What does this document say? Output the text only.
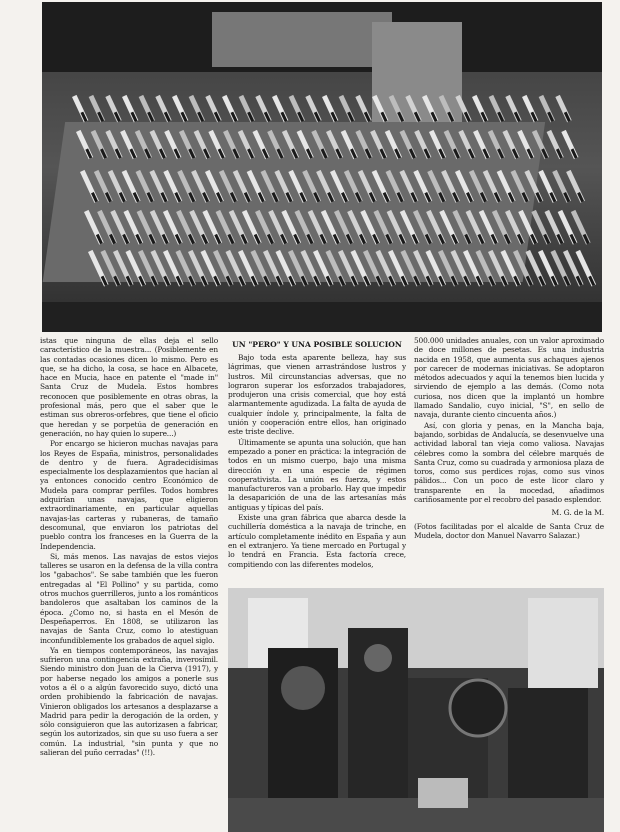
istas que ninguna de ellas deja el sello característico de la muestra... (Posiblemente en las contadas ocasiones dicen lo mismo. Pero es que, se ha dicho, la cosa, se hace en Albacete, hace en Mucia, hace en patente el "made in" Santa Cruz de Mudela. Estos hombres reconocen que posiblemente en otras obras, la profesional más, pero que el saber que le estiman sus obreros-orfebres, que tiene el oficio que heredan y se porpetúa de generación en generación, no hay quien lo supere...)

Por encargo se hicieron muchas navajas para los Reyes de España, ministros, personalidades de dentro y de fuera. Agradecidísimas especialmente los desplazamientos que hacían al ya entonces conocido centro Económico de Mudela para comprar perfiles. Todos hombres adquirían unas navajas, que eligieron extraordinariamente, en particular aquellas navajas-las carteras y rubaneras, de tamaño descomunal, que enviaron los patriotas del pueblo contra los franceses en la Guerra de la Independencia.

Si, más menos. Las navajas de estos viejos talleres se usaron en la defensa de la villa contra los "gabachos". Se sabe también que les fueron entregadas al "El Pollino" y su partida, como otros muchos guerrilleros, junto a los románticos bandoleros que asaltaban los caminos de la época. ¿Como no, si hasta en el Mesón de Despeñaperros. En 1808, se utilizaron las navajas de Santa Cruz, como lo atestiguan inconfundiblemente los grabados de aquel siglo.

Ya en tiempos contemporáneos, las navajas sufrieron una contingencia extraña, inverosímil. Siendo ministro don Juan de la Cierva (1917), y por haberse negado los amigos a ponerle sus votos a él o a algún favorecido suyo, dictó una orden prohibiendo la fabricación de navajas. Vinieron obligados los artesanos a desplazarse a Madrid para pedir la derogación de la orden, y sólo consiguieron que las autorizasen a fabricar, según los autorizados, sin que su uso fuera a ser común. La industrial, "sin punta y que no salieran del puño cerradas" (!!).

UN "PERO" Y UNA POSIBLE SOLUCION

Bajo toda esta aparente belleza, hay sus lágrimas, que vienen arrastrándose lustros y lustros. Mil circunstancias adversas, que no lograron superar los esforzados trabajadores, produjeron una crisis comercial, que hoy está alarmantemente agudizada. La falta de ayuda de cualquier índole y, principalmente, la falta de unión y cooperación entre ellos, han originado este triste declive.

Últimamente se apunta una solución, que han empezado a poner en práctica: la integración de todos en un mismo cuerpo, bajo una misma dirección y en una especie de régimen cooperativista. La unión es fuerza, y estos manufactureros van a probarlo. Hay que impedir la desaparición de una de las artesanías más antiguas y típicas del país.

Existe una gran fábrica que abarca desde la cuchillería doméstica a la navaja de trinche, en artículo completamente inédito en España y aun en el extranjero. Ya tiene mercado en Portugal y lo tendrá en Francia. Esta factoría crece, compitiendo con las diferentes modelos,

500.000 unidades anuales, con un valor aproximado de doce millones de pesetas. Es una industria nacida en 1958, que aumenta sus achaques ajenos por carecer de modernas iniciativas. Se adoptaron métodos adecuados y aquí la tenemos bien lucida y sirviendo de ejemplo a las demás. (Como nota curiosa, nos dicen que la implantó un hombre llamado Sandalio, cuyo inicial, "S", en sello de navaja, durante ciento cincuenta años.)

Así, con gloria y penas, en la Mancha baja, bajando, sorbidas de Andalucía, se desenvuelve una actividad laboral tan vieja como valiosa. Navajas célebres como la sombra del célebre marqués de Santa Cruz, como su cuadrada y armoniosa plaza de toros, como sus perdices rojas, como sus vinos pálidos... Con un poco de este licor claro y transparente en la mocedad, añadimos cariñosamente por el recobro del pasado esplendor.

M. G. de la M.

(Fotos facilitadas por el alcalde de Santa Cruz de Mudela, doctor don Manuel Navarro Salazar.)
